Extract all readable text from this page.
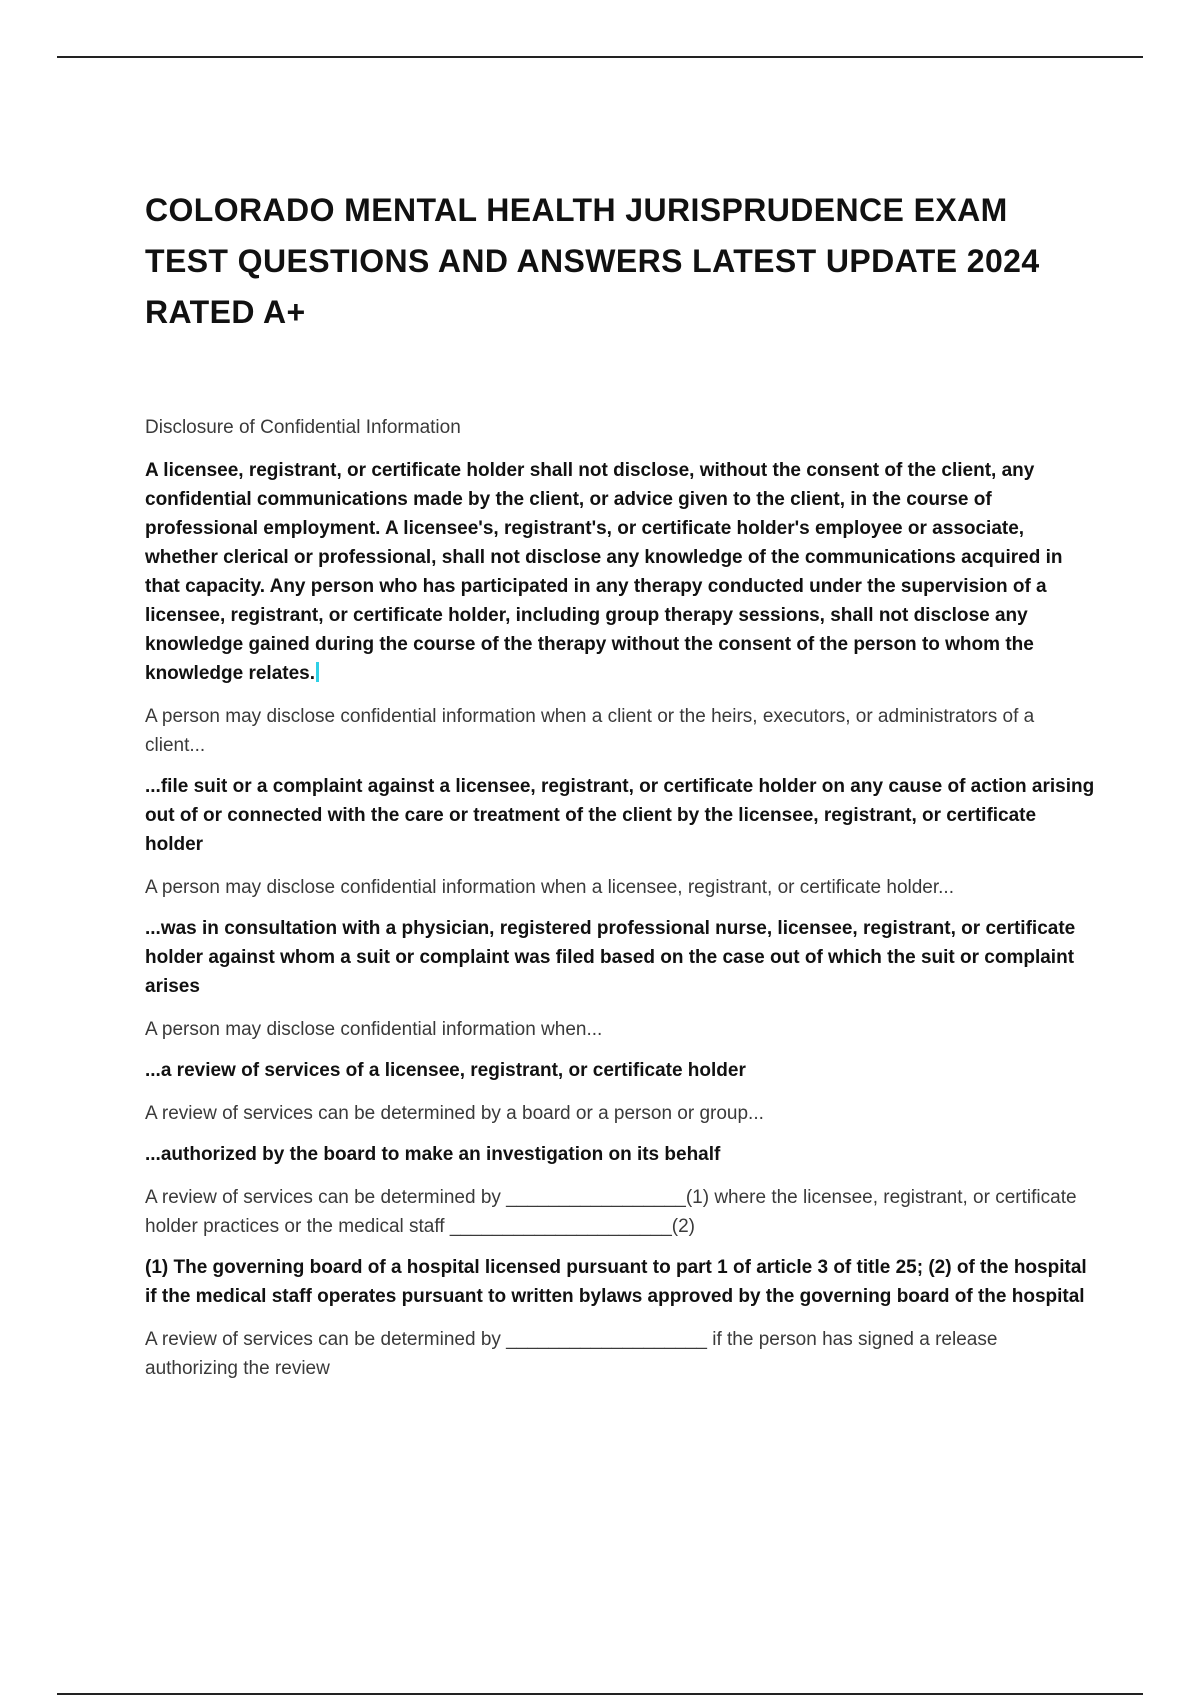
COLORADO MENTAL HEALTH JURISPRUDENCE EXAM TEST QUESTIONS AND ANSWERS LATEST UPDATE 2024 RATED A+
Disclosure of Confidential Information

A licensee, registrant, or certificate holder shall not disclose, without the consent of the client, any confidential communications made by the client, or advice given to the client, in the course of professional employment. A licensee's, registrant's, or certificate holder's employee or associate, whether clerical or professional, shall not disclose any knowledge of the communications acquired in that capacity. Any person who has participated in any therapy conducted under the supervision of a licensee, registrant, or certificate holder, including group therapy sessions, shall not disclose any knowledge gained during the course of the therapy without the consent of the person to whom the knowledge relates.

A person may disclose confidential information when a client or the heirs, executors, or administrators of a client...

...file suit or a complaint against a licensee, registrant, or certificate holder on any cause of action arising out of or connected with the care or treatment of the client by the licensee, registrant, or certificate holder

A person may disclose confidential information when a licensee, registrant, or certificate holder...

...was in consultation with a physician, registered professional nurse, licensee, registrant, or certificate holder against whom a suit or complaint was filed based on the case out of which the suit or complaint arises

A person may disclose confidential information when...

...a review of services of a licensee, registrant, or certificate holder

A review of services can be determined by a board or a person or group...

...authorized by the board to make an investigation on its behalf

A review of services can be determined by _________________(1) where the licensee, registrant, or certificate holder practices or the medical staff _____________________(2)

(1) The governing board of a hospital licensed pursuant to part 1 of article 3 of title 25; (2) of the hospital if the medical staff operates pursuant to written bylaws approved by the governing board of the hospital

A review of services can be determined by ___________________ if the person has signed a release authorizing the review
